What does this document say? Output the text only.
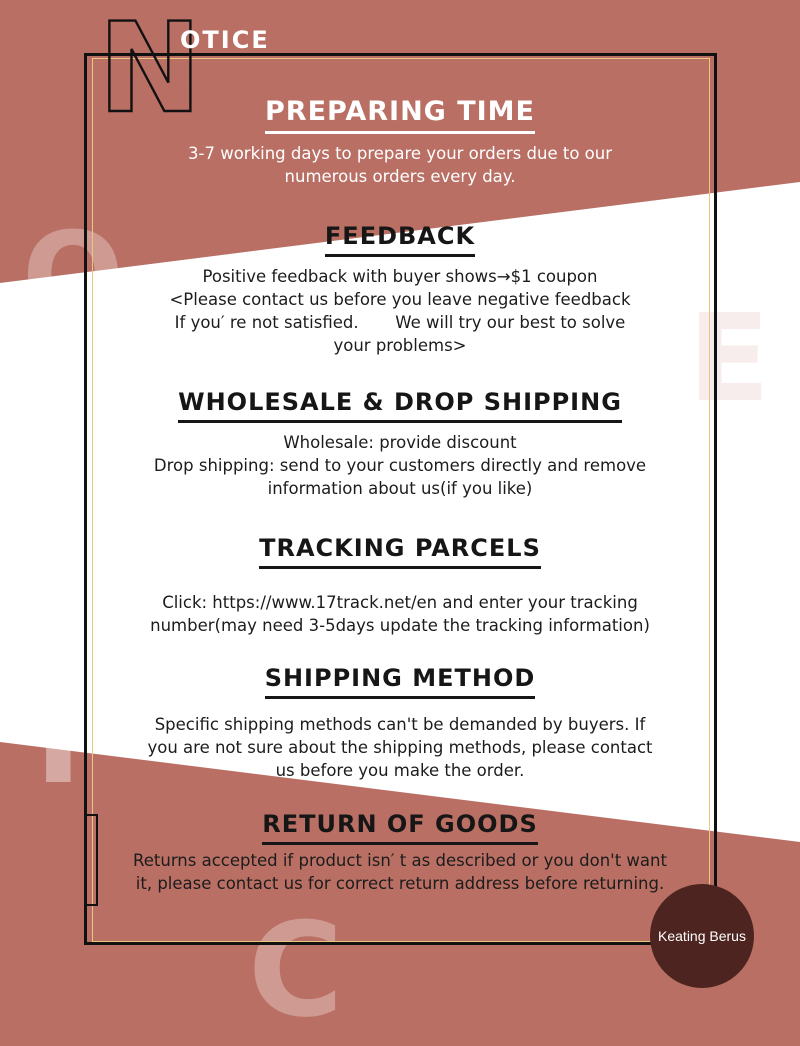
O
E
T
C
N
OTICE
PREPARING TIME
3-7 working days to prepare your orders due to our
numerous orders every day.
FEEDBACK
Positive feedback with buyer shows→$1 coupon
<Please contact us before you leave negative feedback
If you′ re not satisfied.       We will try our best to solve
your problems>
WHOLESALE & DROP SHIPPING
Wholesale: provide discount
Drop shipping: send to your customers directly and remove
information about us(if you like)
TRACKING PARCELS
Click: https://www.17track.net/en and enter your tracking
number(may need 3-5days update the tracking information)
SHIPPING METHOD
Specific shipping methods can't be demanded by buyers. If
you are not sure about the shipping methods, please contact
us before you make the order.
RETURN OF GOODS
Returns accepted if product isn′ t as described or you don't want
it, please contact us for correct return address before returning.
Keating Berus
